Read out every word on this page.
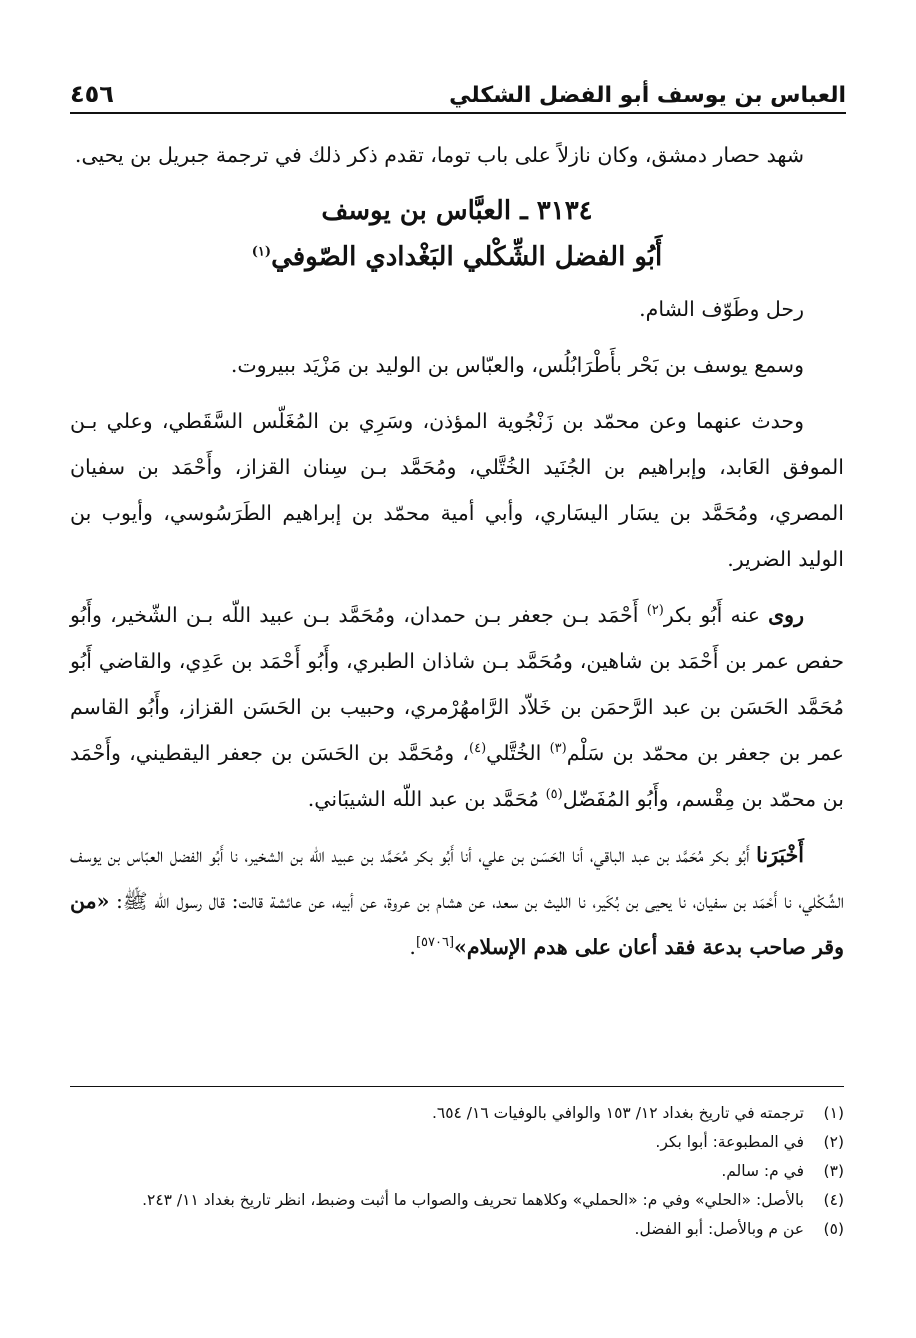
العباس بن يوسف أبو الفضل الشكلي
٤٥٦

شهد حصار دمشق، وكان نازلاً على باب توما، تقدم ذكر ذلك في ترجمة جبريل بن يحيى.

٣١٣٤ ـ العبَّاس بن يوسف
أَبُو الفضل الشِّكْلي البَغْدادي الصّوفي$^{(١)}$

رحل وطَوّف الشام.

وسمع يوسف بن بَحْر بأَطْرَابُلُس، والعبّاس بن الوليد بن مَزْيَد ببيروت.

وحدث عنهما وعن محمّد بن زَنْجُوية المؤذن، وسَرِي بن المُغَلّس السَّقَطي، وعلي بـن الموفق العَابد، وإبراهيم بن الجُنَيد الخُتَّلي، ومُحَمَّد بـن سِنان القزاز، وأَحْمَد بن سفيان المصري، ومُحَمَّد بن يسَار اليسَاري، وأبي أمية محمّد بن إبراهيم الطَرَسُوسي، وأيوب بن الوليد الضرير.

روى عنه أَبُو بكر$^{(٢)}$ أَحْمَد بـن جعفر بـن حمدان، ومُحَمَّد بـن عبيد اللّه بـن الشّخير، وأَبُو حفص عمر بن أَحْمَد بن شاهين، ومُحَمَّد بـن شاذان الطبري، وأَبُو أَحْمَد بن عَدِي، والقاضي أَبُو مُحَمَّد الحَسَن بن عبد الرَّحمَن بن خَلاّد الرَّامهُرْمري، وحبيب بن الحَسَن القزاز، وأَبُو القاسم عمر بن جعفر بن محمّد بن سَلْم$^{(٣)}$ الخُتَّلي$^{(٤)}$، ومُحَمَّد بن الحَسَن بن جعفر اليقطيني، وأَحْمَد بن محمّد بن مِقْسم، وأَبُو المُفَضّل$^{(٥)}$ مُحَمَّد بن عبد اللّه الشيبَاني.

أَخْبَرَنا أَبُو بكر مُحَمَّد بن عبد الباقي، أنا الحَسَن بن علي، أنا أَبُو بكر مُحَمَّد بن عبيد اللّه بن الشخير، نا أَبُو الفضل العبّاس بن يوسف الشِّكْلي، نا أَحْمَد بن سفيان، نا يحيى بن بُكَير، نا الليث بن سعد، عن هشام بن عروة، عن أبيه، عن عائشة قالت: قال رسول اللّه ﷺ: «من وقر صاحب بدعة فقد أعان على هدم الإسلام»[٥٧٠٦].

(١)
ترجمته في تاريخ بغداد ١٢/ ١٥٣ والوافي بالوفيات ١٦/ ٦٥٤.
(٢)
في المطبوعة: أبوا بكر.
(٣)
في م: سالم.
(٤)
بالأصل: «الحلي» وفي م: «الحملي» وكلاهما تحريف والصواب ما أثبت وضبط، انظر تاريخ بغداد ١١/ ٢٤٣.
(٥)
عن م وبالأصل: أبو الفضل.
